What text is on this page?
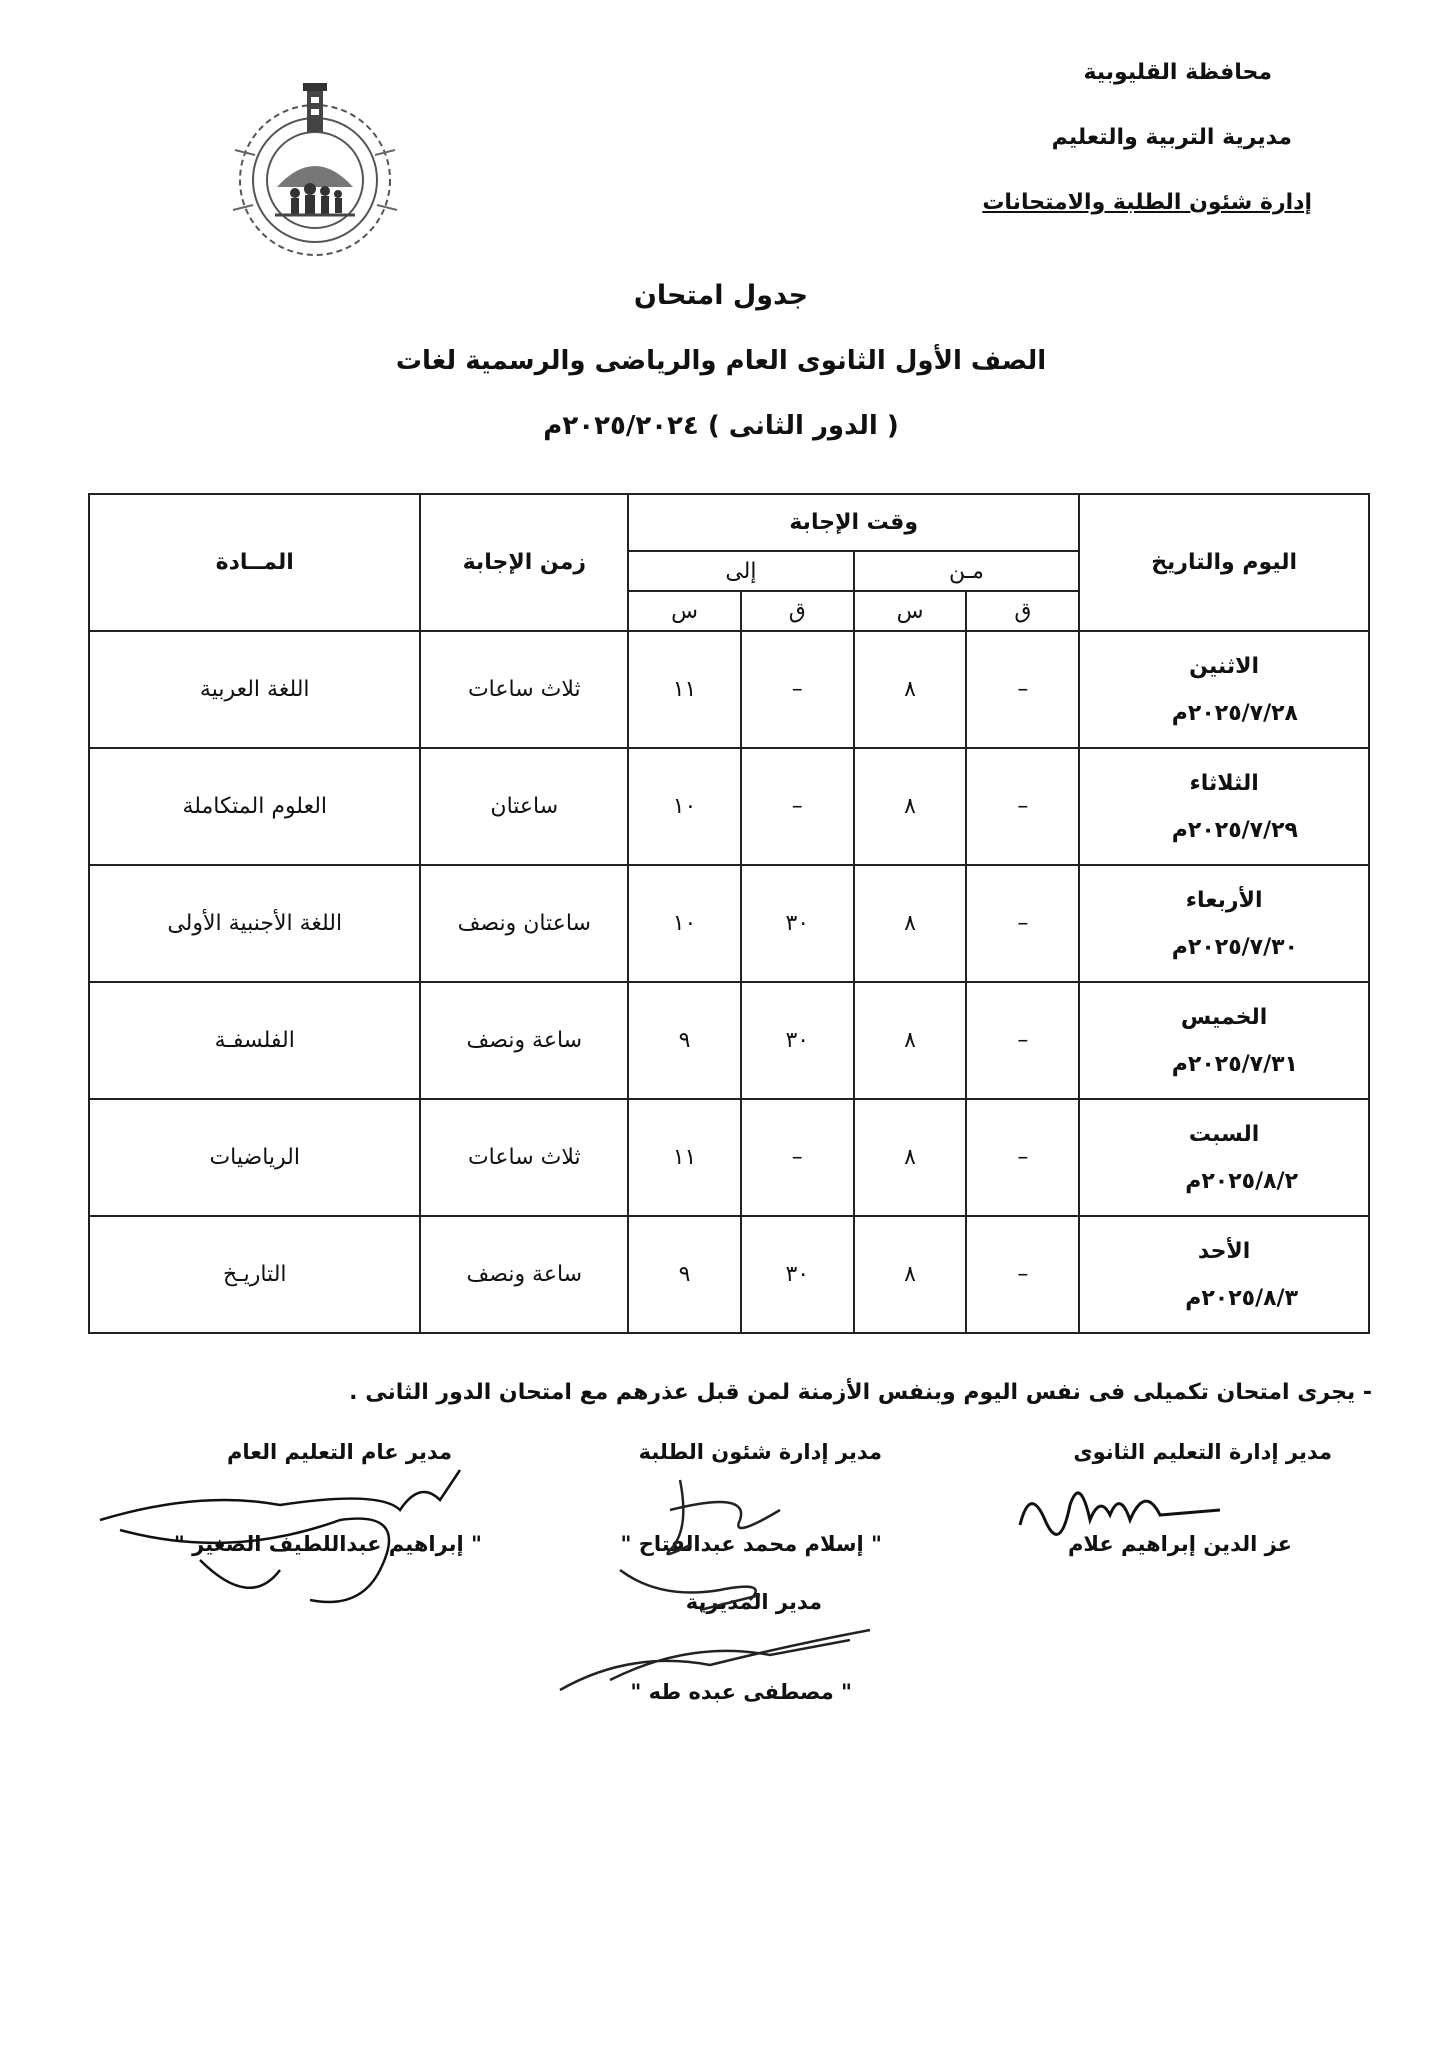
محافظة القليوبية
مديرية التربية والتعليم
إدارة شئون الطلبة والامتحانات
جدول امتحان
الصف الأول الثانوى العام والرياضى والرسمية لغات
( الدور الثانى ) ٢٠٢٥/٢٠٢٤م
اليوم والتاريخ	وقت الإجابة				زمن الإجابة	المــادة
	مـن		إلى			
	ق	س	ق	س		

الاثنين
٢٠٢٥/٧/٢٨م	–	٨	–	١١	ثلاث ساعات	اللغة العربية

الثلاثاء
٢٠٢٥/٧/٢٩م	–	٨	–	١٠	ساعتان	العلوم المتكاملة

الأربعاء
٢٠٢٥/٧/٣٠م	–	٨	٣٠	١٠	ساعتان ونصف	اللغة الأجنبية الأولى

الخميس
٢٠٢٥/٧/٣١م	–	٨	٣٠	٩	ساعة ونصف	الفلسفـة

السبت
٢٠٢٥/٨/٢م	–	٨	–	١١	ثلاث ساعات	الرياضيات

الأحد
٢٠٢٥/٨/٣م	–	٨	٣٠	٩	ساعة ونصف	التاريـخ
- يجرى امتحان تكميلى فى نفس اليوم وبنفس الأزمنة لمن قبل عذرهم مع امتحان الدور الثانى .
مدير إدارة التعليم الثانوى
عز الدين إبراهيم علام
مدير إدارة شئون الطلبة
" إسلام محمد عبدالفتاح "
مدير عام التعليم العام
" إبراهيم عبداللطيف الصغير "
مدير المديرية
" مصطفى عبده طه "
